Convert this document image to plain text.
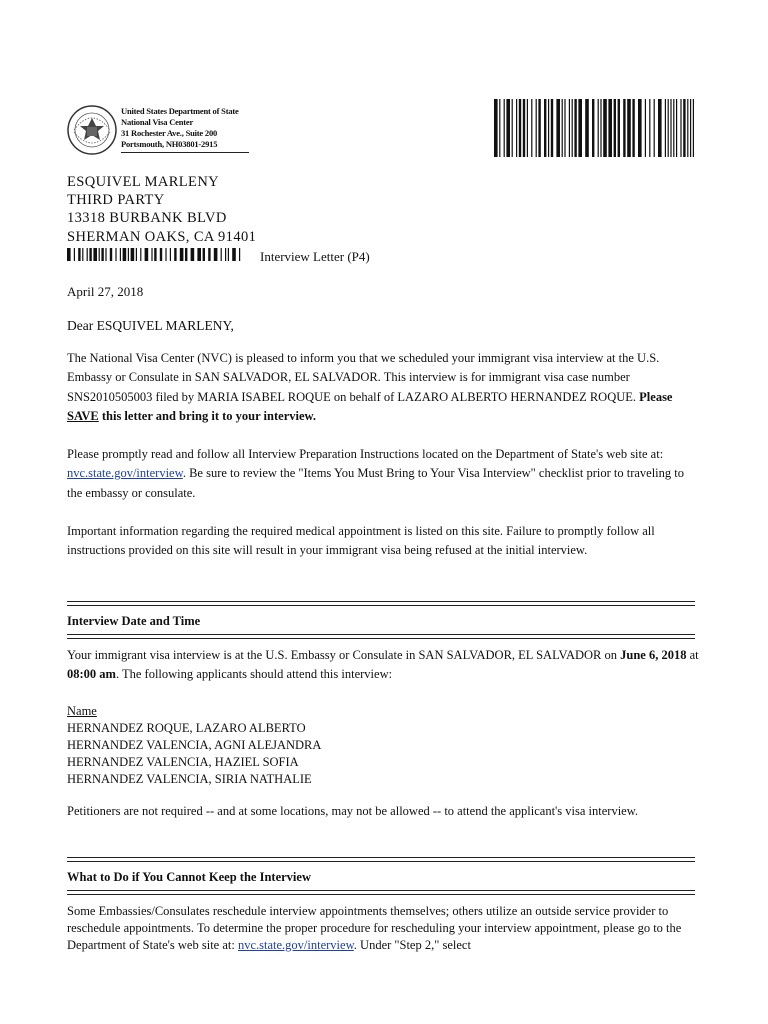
United States Department of State
National Visa Center
31 Rochester Ave., Suite 200
Portsmouth, NH03801-2915
ESQUIVEL MARLENY
THIRD PARTY
13318 BURBANK BLVD
SHERMAN OAKS, CA 91401
Interview Letter (P4)
April 27, 2018
Dear ESQUIVEL MARLENY,

The National Visa Center (NVC) is pleased to inform you that we scheduled your immigrant visa interview at the U.S. Embassy or Consulate in SAN SALVADOR, EL SALVADOR. This interview is for immigrant visa case number SNS2010505003 filed by MARIA ISABEL ROQUE on behalf of LAZARO ALBERTO HERNANDEZ ROQUE. Please SAVE this letter and bring it to your interview.

Please promptly read and follow all Interview Preparation Instructions located on the Department of State's web site at: nvc.state.gov/interview. Be sure to review the "Items You Must Bring to Your Visa Interview" checklist prior to traveling to the embassy or consulate.

Important information regarding the required medical appointment is listed on this site. Failure to promptly follow all instructions provided on this site will result in your immigrant visa being refused at the initial interview.
Interview Date and Time

Your immigrant visa interview is at the U.S. Embassy or Consulate in SAN SALVADOR, EL SALVADOR on June 6, 2018 at 08:00 am. The following applicants should attend this interview:

Name
HERNANDEZ ROQUE, LAZARO ALBERTO
HERNANDEZ VALENCIA, AGNI ALEJANDRA
HERNANDEZ VALENCIA, HAZIEL SOFIA
HERNANDEZ VALENCIA, SIRIA NATHALIE
Petitioners are not required -- and at some locations, may not be allowed -- to attend the applicant's visa interview.
What to Do if You Cannot Keep the Interview

Some Embassies/Consulates reschedule interview appointments themselves; others utilize an outside service provider to reschedule appointments. To determine the proper procedure for rescheduling your interview appointment, please go to the Department of State's web site at: nvc.state.gov/interview. Under "Step 2," select
